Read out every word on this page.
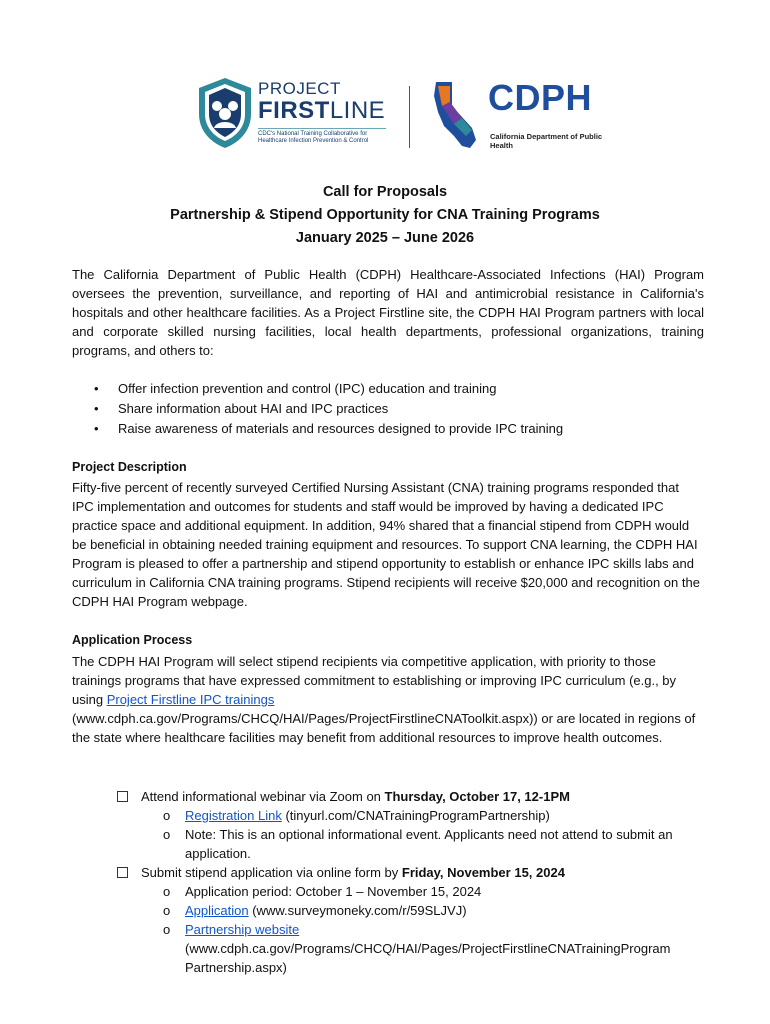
PROJECT
FIRSTLINE
CDC's National Training Collaborative for Healthcare Infection Prevention & Control
CDPH
California Department of Public Health
Call for Proposals
Partnership & Stipend Opportunity for CNA Training Programs
January 2025 – June 2026
The California Department of Public Health (CDPH) Healthcare-Associated Infections (HAI) Program oversees the prevention, surveillance, and reporting of HAI and antimicrobial resistance in California's hospitals and other healthcare facilities. As a Project Firstline site, the CDPH HAI Program partners with local and corporate skilled nursing facilities, local health departments, professional organizations, training programs, and others to:
• Offer infection prevention and control (IPC) education and training
• Share information about HAI and IPC practices
• Raise awareness of materials and resources designed to provide IPC training
Project Description
Fifty-five percent of recently surveyed Certified Nursing Assistant (CNA) training programs responded that IPC implementation and outcomes for students and staff would be improved by having a dedicated IPC practice space and additional equipment. In addition, 94% shared that a financial stipend from CDPH would be beneficial in obtaining needed training equipment and resources. To support CNA learning, the CDPH HAI Program is pleased to offer a partnership and stipend opportunity to establish or enhance IPC skills labs and curriculum in California CNA training programs. Stipend recipients will receive $20,000 and recognition on the CDPH HAI Program webpage.
Application Process
The CDPH HAI Program will select stipend recipients via competitive application, with priority to those trainings programs that have expressed commitment to establishing or improving IPC curriculum (e.g., by using Project Firstline IPC trainings (www.cdph.ca.gov/Programs/CHCQ/HAI/Pages/ProjectFirstlineCNAToolkit.aspx)) or are located in regions of the state where healthcare facilities may benefit from additional resources to improve health outcomes.
Attend informational webinar via Zoom on Thursday, October 17, 12-1PM
o Registration Link (tinyurl.com/CNATrainingProgramPartnership)
o Note: This is an optional informational event. Applicants need not attend to submit an application.
Submit stipend application via online form by Friday, November 15, 2024
o Application period: October 1 – November 15, 2024
o Application (www.surveymoneky.com/r/59SLJVJ)
o Partnership website
(www.cdph.ca.gov/Programs/CHCQ/HAI/Pages/ProjectFirstlineCNATrainingProgramPartnership.aspx)
